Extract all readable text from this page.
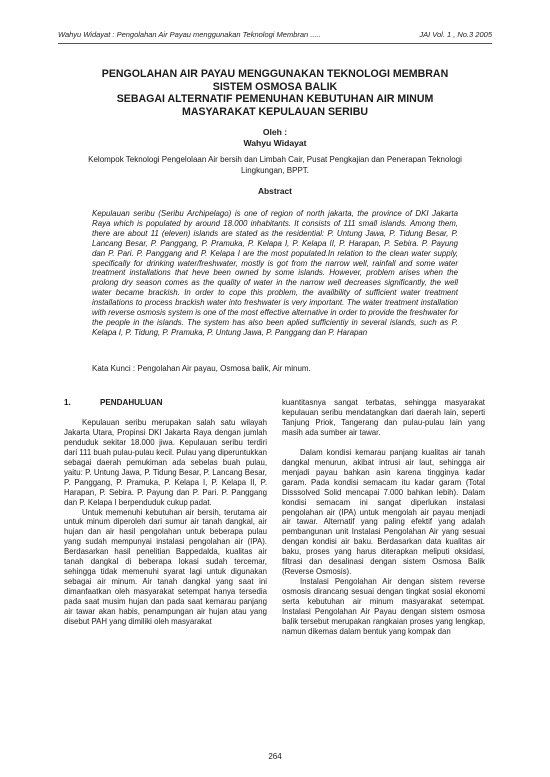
Wahyu Widayat : Pengolahan Air Payau menggunakan Teknologi Membran .....	JAI Vol. 1 , No.3 2005
PENGOLAHAN AIR PAYAU MENGGUNAKAN TEKNOLOGI MEMBRAN
SISTEM OSMOSA BALIK
SEBAGAI ALTERNATIF PEMENUHAN KEBUTUHAN AIR MINUM
MASYARAKAT KEPULAUAN SERIBU
Oleh :
Wahyu Widayat
Kelompok Teknologi Pengelolaan Air bersih dan Limbah Cair, Pusat Pengkajian dan Penerapan Teknologi Lingkungan, BPPT.
Abstract
Kepulauan seribu (Seribu Archipelago) is one of region of north jakarta, the province of DKI Jakarta Raya which is populated by around 18.000 inhabitants. It consists of 111 small islands. Among them, there are about 11 (eleven) islands are stated as the residential: P. Untung Jawa, P. Tidung Besar, P. Lancang Besar, P. Panggang, P. Pramuka, P. Kelapa I, P. Kelapa II, P. Harapan, P. Sebira. P. Payung dan P. Pari. P. Panggang and P. Kelapa I are the most populated.In relation to the clean water supply, specifically for drinking water/freshwater, mostly is got from the narrow well, rainfall and some water treatment installations that heve been owned by some islands. However, problem arises when the prolong dry season comes as the quality of water in the narrow well decreases significantly, the well water became brackish. In order to cope this problem, the availbility of sufficient water treatment installations to process brackish water into freshwater is very important. The water treatment installation with reverse osmosis system is one of the most effective alternative in order to provide the freshwater for the people in the islands. The system has also been aplied sufficientiy in several islands, such as P. Kelapa I, P. Tidung, P. Pramuka, P. Untung Jawa, P. Panggang dan P. Harapan
Kata Kunci : Pengolahan Air payau, Osmosa balik, Air minum.
1.	PENDAHULUAN

Kepulauan seribu merupakan salah satu wilayah Jakarta Utara, Propinsi DKI Jakarta Raya dengan jumlah penduduk sekitar 18.000 jiwa. Kepulauan seribu terdiri dari 111 buah pulau-pulau kecil. Pulau yang diperuntukkan sebagai daerah pemukiman ada sebelas buah pulau, yaitu: P. Untung Jawa, P. Tidung Besar, P. Lancang Besar, P. Panggang, P. Pramuka, P. Kelapa I, P. Kelapa II, P. Harapan, P. Sebira. P. Payung dan P. Pari. P. Panggang dan P. Kelapa I berpenduduk cukup padat.

Untuk memenuhi kebutuhan air bersih, terutama air untuk minum diperoleh dari sumur air tanah dangkal, air hujan dan air hasil pengolahan untuk beberapa pulau yang sudah mempunyai instalasi pengolahan air (IPA). Berdasarkan hasil penelitian Bappedalda, kualitas air tanah dangkal di beberapa lokasi sudah tercemar, sehingga tidak memenuhi syarat lagi untuk digunakan sebagai air minum. Air tanah dangkal yang saat ini dimanfaatkan oleh masyarakat setempat hanya tersedia pada saat musim hujan dan pada saat kemarau panjang air tawar akan habis, penampungan air hujan atau yang disebut PAH yang dimiliki oleh masyarakat

kuantitasnya sangat terbatas, sehingga masyarakat kepulauan seribu mendatangkan dari daerah lain, seperti Tanjung Priok, Tangerang dan pulau-pulau lain yang masih ada sumber air tawar.

Dalam kondisi kemarau panjang kualitas air tanah dangkal menurun, akibat intrusi air laut, sehingga air menjadi payau bahkan asin karena tingginya kadar garam. Pada kondisi semacam itu kadar garam (Total Disssolved Solid mencapai 7.000 bahkan lebih). Dalam kondisi semacam ini sangat diperlukan instalasi pengolahan air (IPA) untuk mengolah air payau menjadi air tawar. Alternatif yang paling efektif yang adalah pembangunan unit Instalasi Pengolahan Air yang sesuai dengan kondisi air baku. Berdasarkan data kualitas air baku, proses yang harus diterapkan meliputi oksidasi, filtrasi dan desalinasi dengan sistem Osmosa Balik (Reverse Osmosis).

Instalasi Pengolahan Air dengan sistem reverse osmosis dirancang sesuai dengan tingkat sosial ekonomi serta kebutuhan air minum masyarakat setempat. Instalasi Pengolahan Air Payau dengan sistem osmosa balik tersebut merupakan rangkaian proses yang lengkap, namun dikemas dalam bentuk yang kompak dan

264
